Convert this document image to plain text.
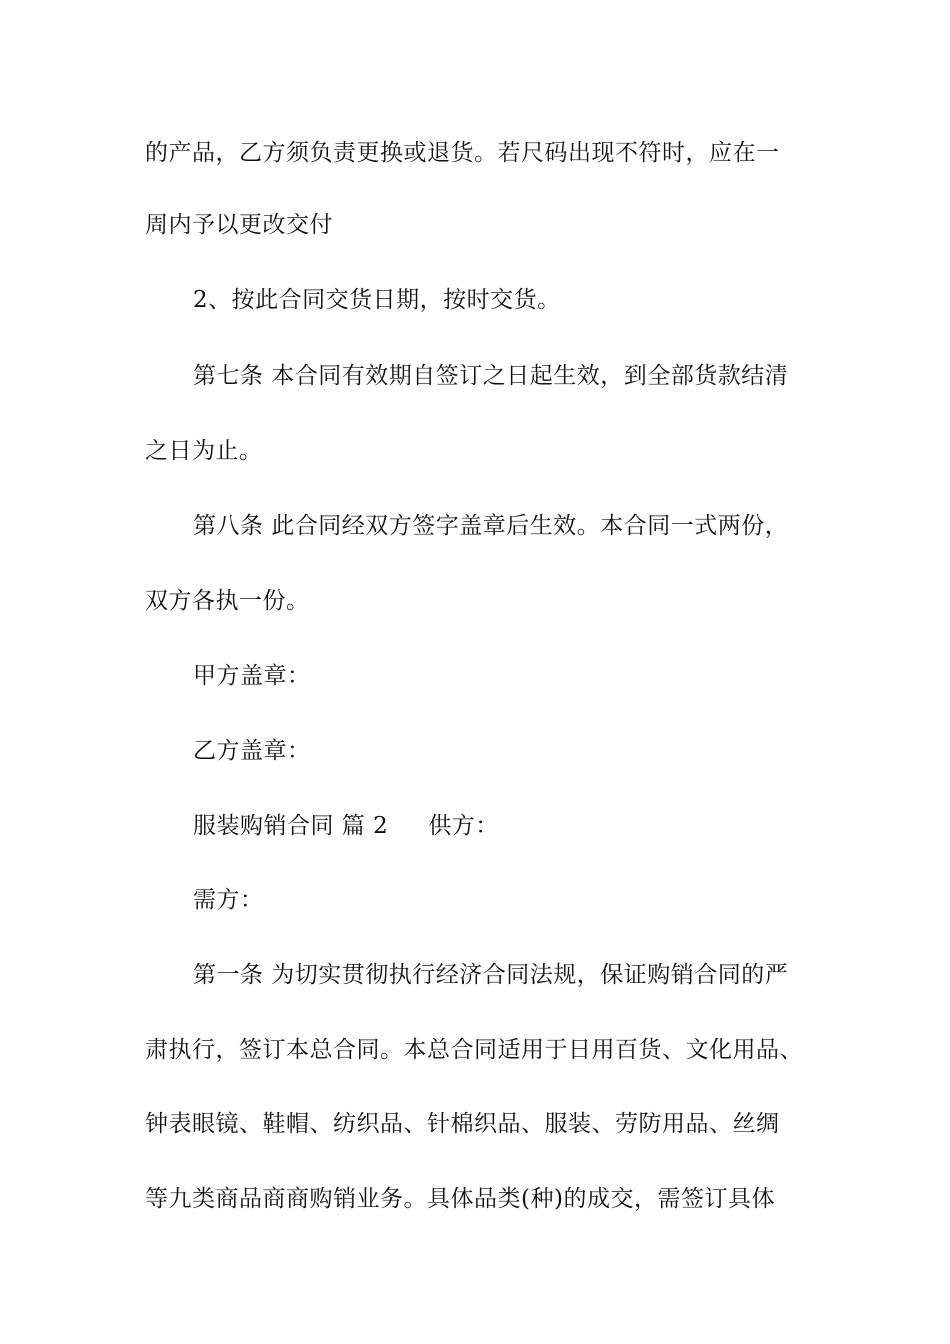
的产品，乙方须负责更换或退货。若尺码出现不符时，应在一
周内予以更改交付
2、按此合同交货日期，按时交货。
第七条 本合同有效期自签订之日起生效，到全部货款结清
之日为止。
第八条 此合同经双方签字盖章后生效。本合同一式两份，
双方各执一份。
甲方盖章：
乙方盖章：
服装购销合同 篇 2 供方：
需方：
第一条 为切实贯彻执行经济合同法规，保证购销合同的严
肃执行，签订本总合同。本总合同适用于日用百货、文化用品、
钟表眼镜、鞋帽、纺织品、针棉织品、服装、劳防用品、丝绸
等九类商品商商购销业务。具体品类(种)的成交，需签订具体
